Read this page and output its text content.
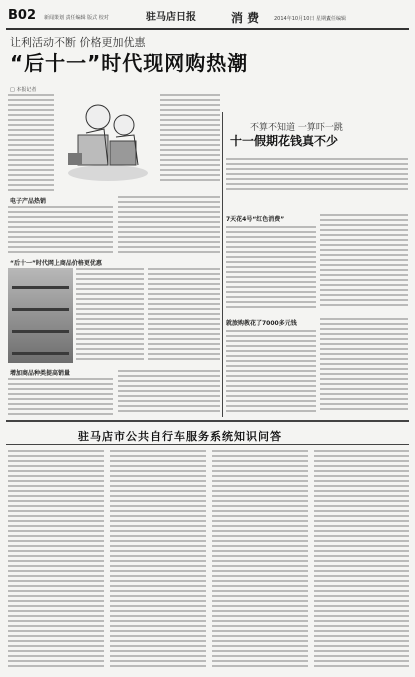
B02 新闻策划 责任编辑 版式 校对	驻马店日报	消 费	2014年10月10日 星期五
责任编辑
让利活动不断 价格更加优惠
“后十一”时代现网购热潮
□ 本报记者
电子产品热销
“后十一”时代网上商品价格更优惠
增加商品种类提高销量
不算不知道 一算吓一跳
十一假期花钱真不少
7天花4号“红色消费”
就旅购教花了7000多元钱
驻马店市公共自行车服务系统知识问答
